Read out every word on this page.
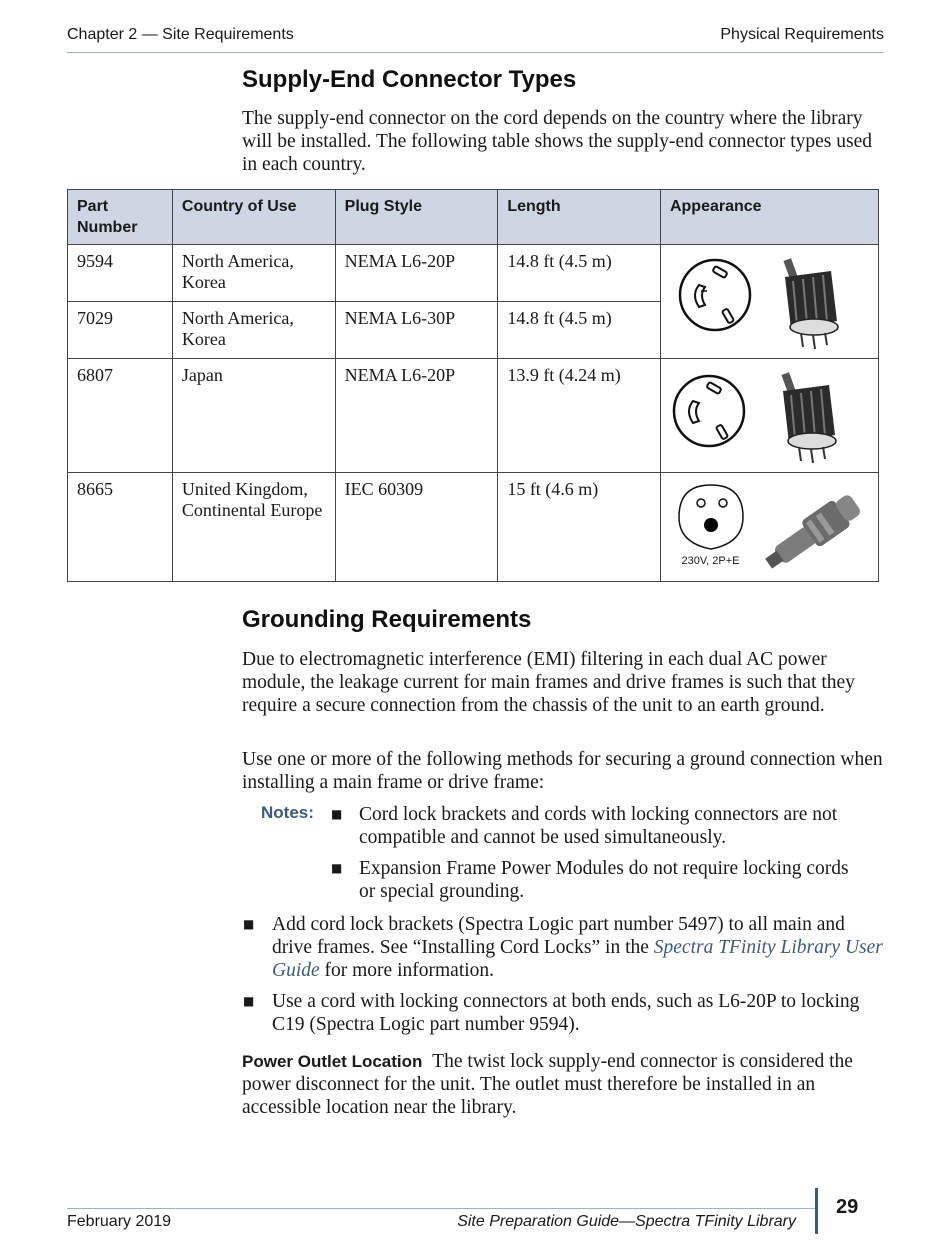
Chapter 2 — Site Requirements	Physical Requirements
Supply-End Connector Types

The supply-end connector on the cord depends on the country where the library will be installed. The following table shows the supply-end connector types used in each country.

Part Number	Country of Use	Plug Style	Length	Appearance
9594	North America, Korea	NEMA L6-20P	14.8 ft (4.5 m)	
7029	North America, Korea	NEMA L6-30P	14.8 ft (4.5 m)	
6807	Japan	NEMA L6-20P	13.9 ft (4.24 m)	
8665	United Kingdom, Continental Europe	IEC 60309	15 ft (4.6 m)	230V, 2P+E
Grounding Requirements

Due to electromagnetic interference (EMI) filtering in each dual AC power module, the leakage current for main frames and drive frames is such that they require a secure connection from the chassis of the unit to an earth ground.

Use one or more of the following methods for securing a ground connection when installing a main frame or drive frame:

Notes: ■ Cord lock brackets and cords with locking connectors are not compatible and cannot be used simultaneously.

■ Expansion Frame Power Modules do not require locking cords or special grounding.

■ Add cord lock brackets (Spectra Logic part number 5497) to all main and drive frames. See “Installing Cord Locks” in the Spectra TFinity Library User Guide for more information.

■ Use a cord with locking connectors at both ends, such as L6-20P to locking C19 (Spectra Logic part number 9594).

Power Outlet Location The twist lock supply-end connector is considered the power disconnect for the unit. The outlet must therefore be installed in an accessible location near the library.

February 2019	Site Preparation Guide—Spectra TFinity Library
29
